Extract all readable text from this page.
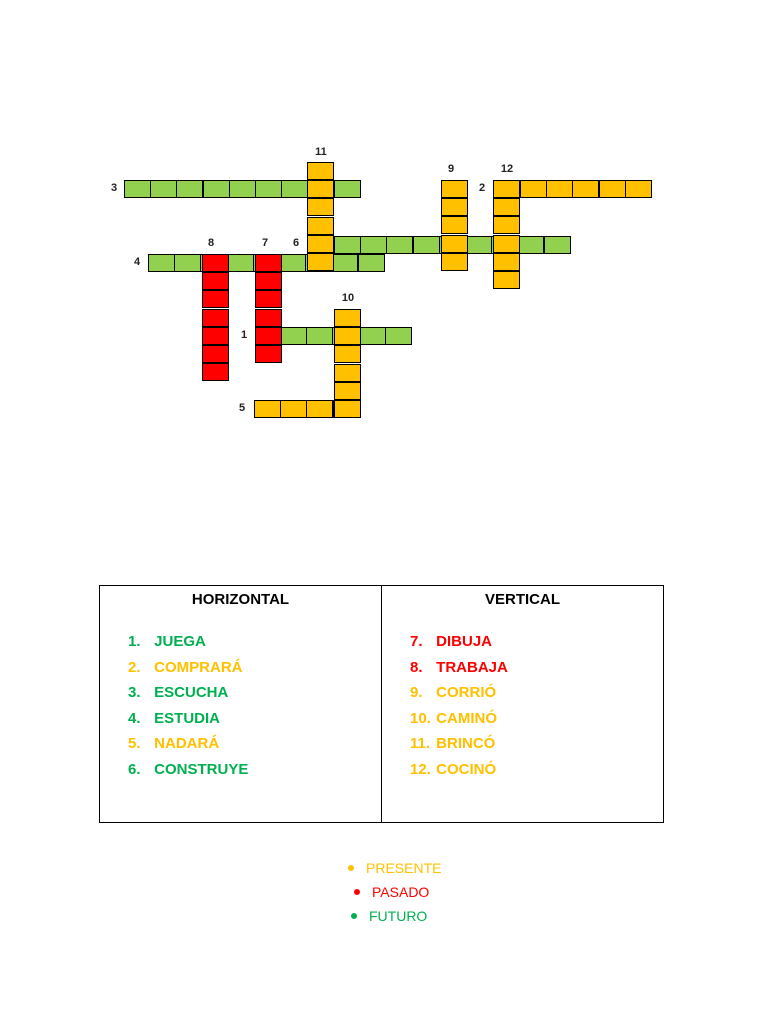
11
9	12
3	2
8	7	6
4
10
1
5
HORIZONTAL
1. JUEGA
2. COMPRARÁ
3. ESCUCHA
4. ESTUDIA
5. NADARÁ
6. CONSTRUYE
VERTICAL
7. DIBUJA
8. TRABAJA
9. CORRIÓ
10. CAMINÓ
11. BRINCÓ
12. COCINÓ
PRESENTE
PASADO
FUTURO
